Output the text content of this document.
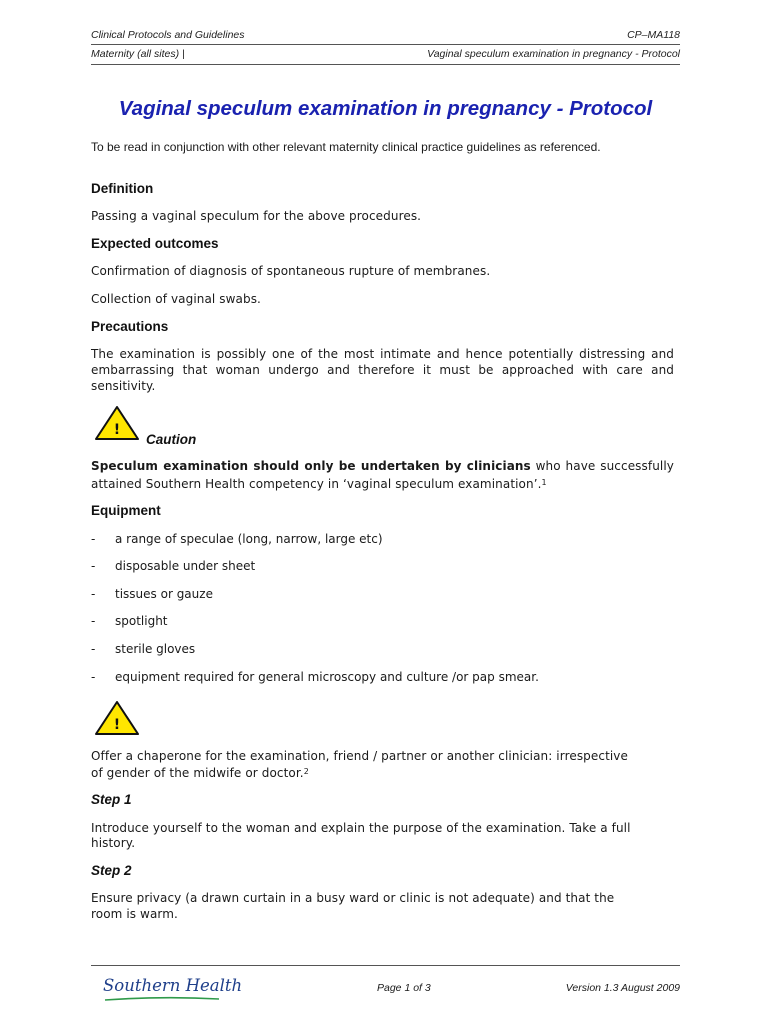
Clinical Protocols and Guidelines	CP–MA118
Maternity (all sites) |	Vaginal speculum examination in pregnancy - Protocol
Vaginal speculum examination in pregnancy - Protocol
To be read in conjunction with other relevant maternity clinical practice guidelines as referenced.
Definition
Passing a vaginal speculum for the above procedures.
Expected outcomes
Confirmation of diagnosis of spontaneous rupture of membranes.
Collection of vaginal swabs.
Precautions
The examination is possibly one of the most intimate and hence potentially distressing and embarrassing that woman undergo and therefore it must be approached with care and sensitivity.
!
Caution
Speculum examination should only be undertaken by clinicians who have successfully
attained Southern Health competency in ‘vaginal speculum examination’.$^1$
Equipment
- a range of speculae (long, narrow, large etc)
- disposable under sheet
- tissues or gauze
- spotlight
- sterile gloves
- equipment required for general microscopy and culture /or pap smear.
!
Offer a chaperone for the examination, friend / partner or another clinician: irrespective
of gender of the midwife or doctor.$^2$
Step 1
Introduce yourself to the woman and explain the purpose of the examination. Take a full
history.
Step 2
Ensure privacy (a drawn curtain in a busy ward or clinic is not adequate) and that the
room is warm.
Southern Health	Page 1 of 3	Version 1.3 August 2009
